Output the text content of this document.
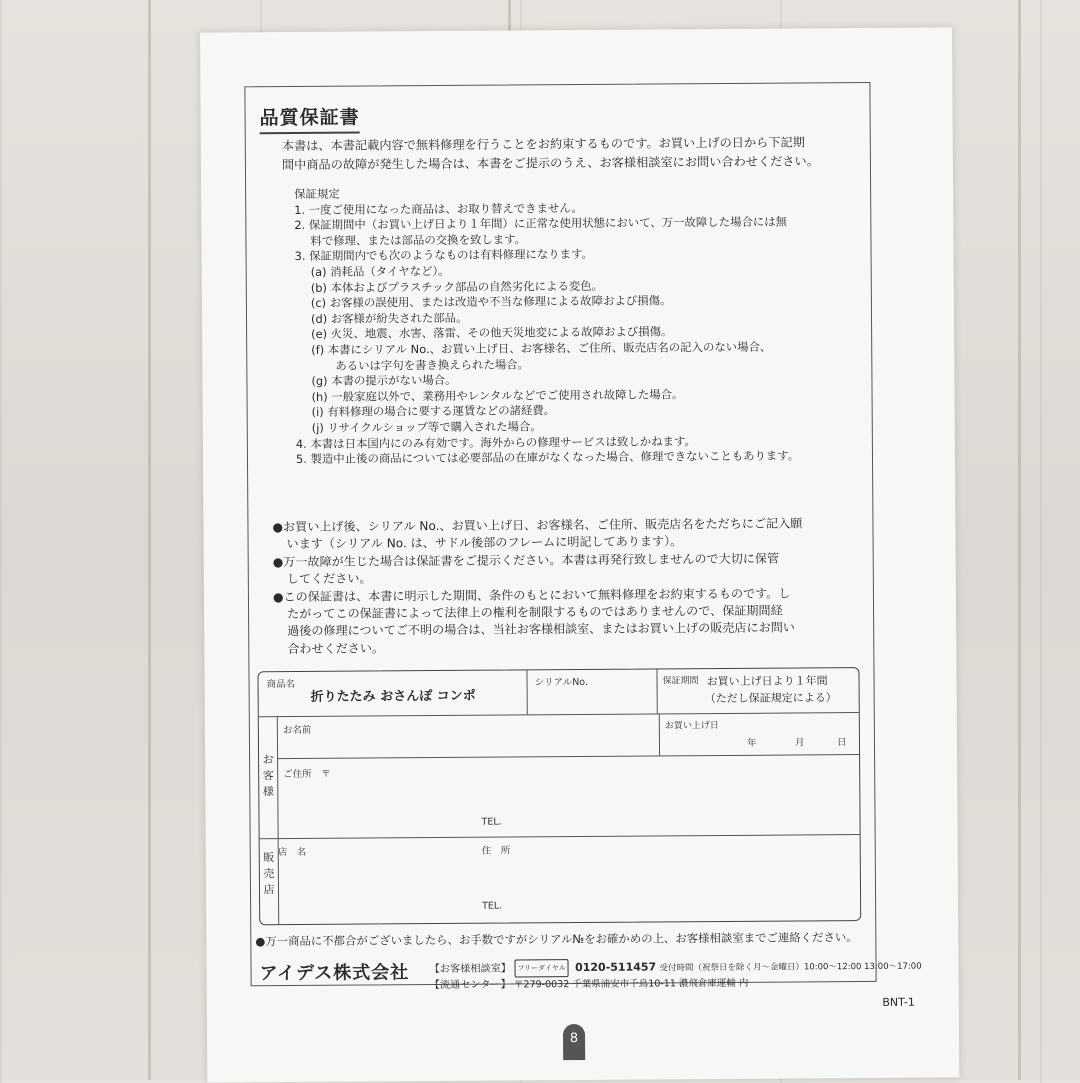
品質保証書
本書は、本書記載内容で無料修理を行うことをお約束するものです。お買い上げの日から下記期
間中商品の故障が発生した場合は、本書をご提示のうえ、お客様相談室にお問い合わせください。
保証規定
1. 一度ご使用になった商品は、お取り替えできません。
2. 保証期間中（お買い上げ日より１年間）に正常な使用状態において、万一故障した場合には無
料で修理、または部品の交換を致します。
3. 保証期間内でも次のようなものは有料修理になります。
(a) 消耗品（タイヤなど）。
(b) 本体およびプラスチック部品の自然劣化による変色。
(c) お客様の誤使用、または改造や不当な修理による故障および損傷。
(d) お客様が紛失された部品。
(e) 火災、地震、水害、落雷、その他天災地変による故障および損傷。
(f) 本書にシリアル No.、お買い上げ日、お客様名、ご住所、販売店名の記入のない場合、
あるいは字句を書き換えられた場合。
(g) 本書の提示がない場合。
(h) 一般家庭以外で、業務用やレンタルなどでご使用され故障した場合。
(i) 有料修理の場合に要する運賃などの諸経費。
(j) リサイクルショップ等で購入された場合。
4. 本書は日本国内にのみ有効です。海外からの修理サービスは致しかねます。
5. 製造中止後の商品については必要部品の在庫がなくなった場合、修理できないこともあります。
●お買い上げ後、シリアル No.、お買い上げ日、お客様名、ご住所、販売店名をただちにご記入願
います（シリアル No. は、サドル後部のフレームに明記してあります）。
●万一故障が生じた場合は保証書をご提示ください。本書は再発行致しませんので大切に保管
してください。
●この保証書は、本書に明示した期間、条件のもとにおいて無料修理をお約束するものです。し
たがってこの保証書によって法律上の権利を制限するものではありませんので、保証期間経
過後の修理についてご不明の場合は、当社お客様相談室、またはお買い上げの販売店にお問い
合わせください。
商品名
折りたたみ おさんぽ コンポ
シリアルNo.	保証期間 お買い上げ日より１年間
（ただし保証規定による）
お
客
様
お名前	お買い上げ日
年	月	日
ご住所　〒
TEL.
販
売
店
店　名	住　所
TEL.
●万一商品に不都合がございましたら、お手数ですがシリアル№をお確かめの上、お客様相談室までご連絡ください。
アイデス株式会社 【お客様相談室】 フリーダイヤル 0120-511457 受付時間（祝祭日を除く月～金曜日）10:00～12:00 13:00～17:00
【流通センター】 〒279-0032 千葉県浦安市千鳥10-11 濃飛倉庫運輸 内
BNT-1
8
